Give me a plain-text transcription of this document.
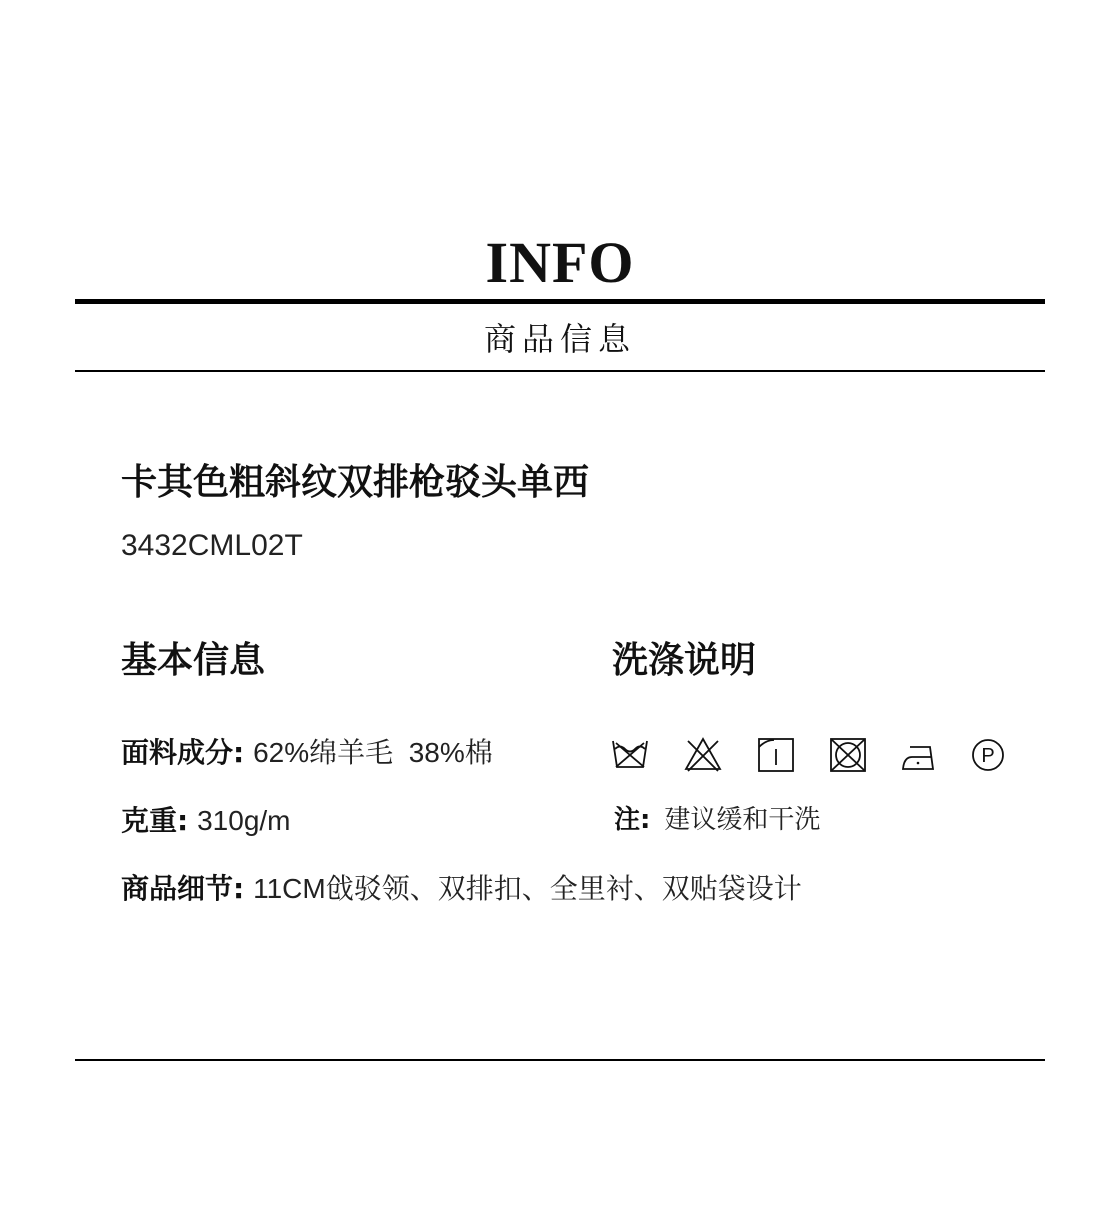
INFO
商品信息
卡其色粗斜纹双排枪驳头单西
3432CML02T
基本信息	洗涤说明
面料成分: 62%绵羊毛  38%棉
克重: 310g/m
商品细节: 11CM戗驳领、双排扣、全里衬、双贴袋设计
P
注: 建议缓和干洗
